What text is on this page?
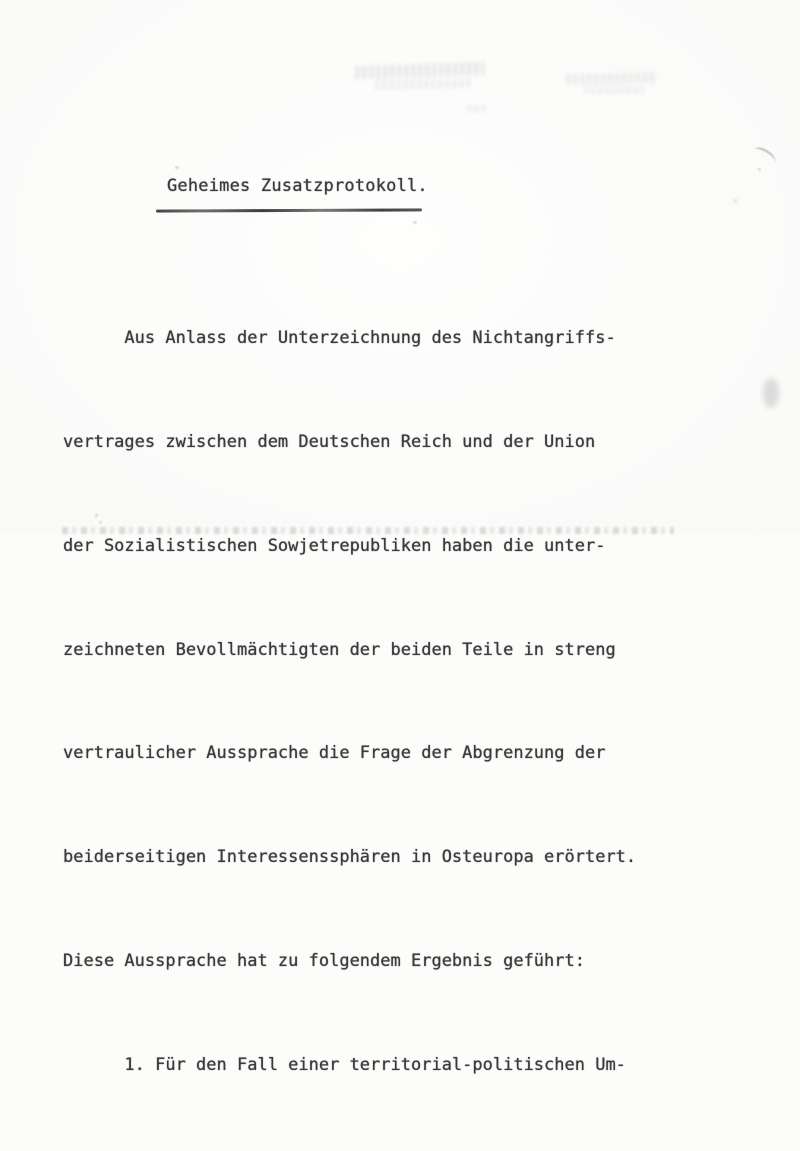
Geheimes Zusatzprotokoll.

Aus Anlass der Unterzeichnung des Nichtangriffs-

vertrages zwischen dem Deutschen Reich und der Union

der Sozialistischen Sowjetrepubliken haben die unter-

zeichneten Bevollmächtigten der beiden Teile in streng

vertraulicher Aussprache die Frage der Abgrenzung der

beiderseitigen Interessenssphären in Osteuropa erörtert.

Diese Aussprache hat zu folgendem Ergebnis geführt:

1. Für den Fall einer territorial-politischen Um-
